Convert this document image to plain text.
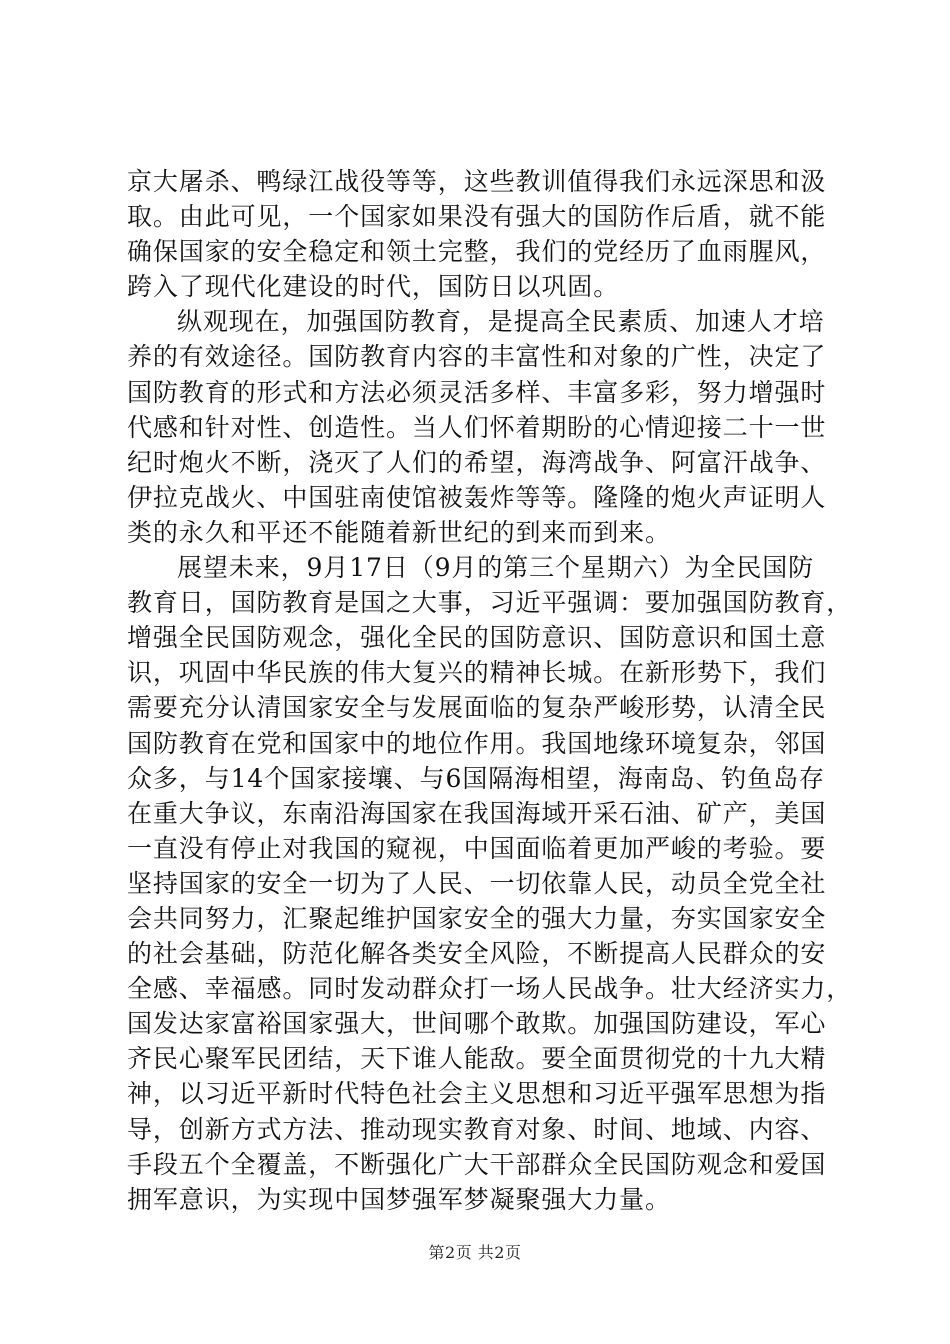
京大屠杀、鸭绿江战役等等，这些教训值得我们永远深思和汲
取。由此可见，一个国家如果没有强大的国防作后盾，就不能
确保国家的安全稳定和领土完整，我们的党经历了血雨腥风，
跨入了现代化建设的时代，国防日以巩固。
纵观现在，加强国防教育，是提高全民素质、加速人才培
养的有效途径。国防教育内容的丰富性和对象的广性，决定了
国防教育的形式和方法必须灵活多样、丰富多彩，努力增强时
代感和针对性、创造性。当人们怀着期盼的心情迎接二十一世
纪时炮火不断，浇灭了人们的希望，海湾战争、阿富汗战争、
伊拉克战火、中国驻南使馆被轰炸等等。隆隆的炮火声证明人
类的永久和平还不能随着新世纪的到来而到来。
展望未来，9月17日（9月的第三个星期六）为全民国防
教育日，国防教育是国之大事，习近平强调：要加强国防教育，
增强全民国防观念，强化全民的国防意识、国防意识和国土意
识，巩固中华民族的伟大复兴的精神长城。在新形势下，我们
需要充分认清国家安全与发展面临的复杂严峻形势，认清全民
国防教育在党和国家中的地位作用。我国地缘环境复杂，邻国
众多，与14个国家接壤、与6国隔海相望，海南岛、钓鱼岛存
在重大争议，东南沿海国家在我国海域开采石油、矿产，美国
一直没有停止对我国的窥视，中国面临着更加严峻的考验。要
坚持国家的安全一切为了人民、一切依靠人民，动员全党全社
会共同努力，汇聚起维护国家安全的强大力量，夯实国家安全
的社会基础，防范化解各类安全风险，不断提高人民群众的安
全感、幸福感。同时发动群众打一场人民战争。壮大经济实力，
国发达家富裕国家强大，世间哪个敢欺。加强国防建设，军心
齐民心聚军民团结，天下谁人能敌。要全面贯彻党的十九大精
神，以习近平新时代特色社会主义思想和习近平强军思想为指
导，创新方式方法、推动现实教育对象、时间、地域、内容、
手段五个全覆盖，不断强化广大干部群众全民国防观念和爱国
拥军意识，为实现中国梦强军梦凝聚强大力量。
第2页 共2页
